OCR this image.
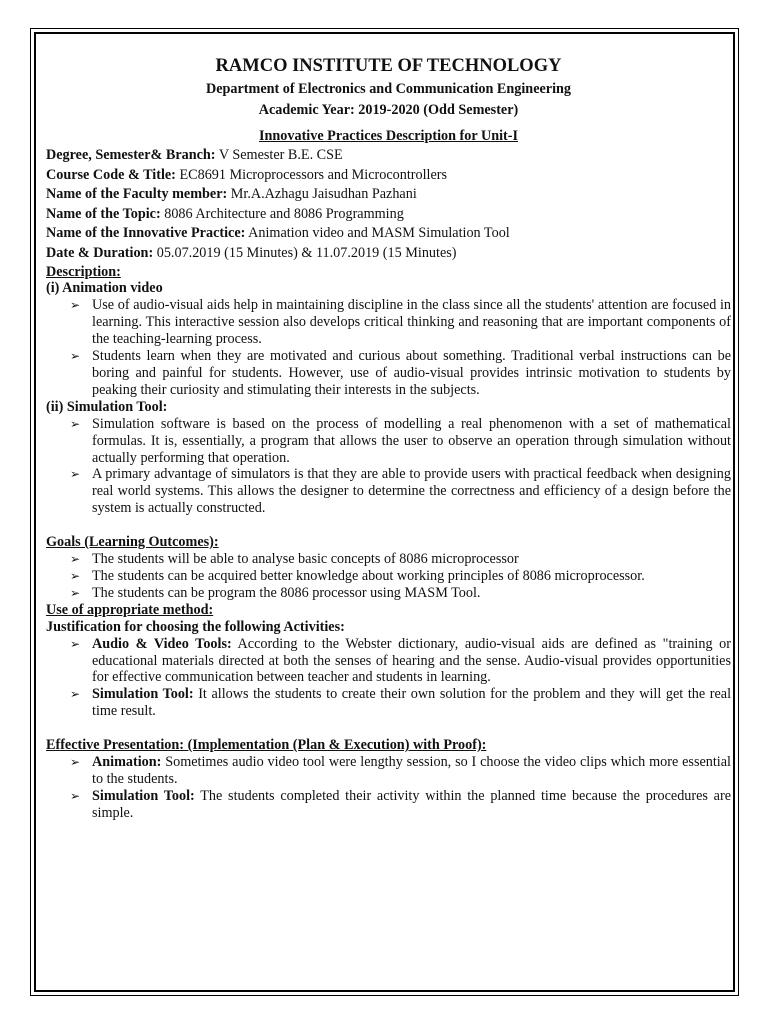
RAMCO INSTITUTE OF TECHNOLOGY
Department of Electronics and Communication Engineering
Academic Year: 2019-2020 (Odd Semester)
Innovative Practices Description for Unit-I
Degree, Semester& Branch: V Semester B.E. CSE
Course Code & Title: EC8691 Microprocessors and Microcontrollers
Name of the Faculty member: Mr.A.Azhagu Jaisudhan Pazhani
Name of the Topic: 8086 Architecture and 8086 Programming
Name of the Innovative Practice: Animation video and MASM Simulation Tool
Date & Duration: 05.07.2019 (15 Minutes) & 11.07.2019 (15 Minutes)
Description:
(i) Animation video
➢ Use of audio-visual aids help in maintaining discipline in the class since all the students' attention are focused in learning. This interactive session also develops critical thinking and reasoning that are important components of the teaching-learning process.
➢ Students learn when they are motivated and curious about something. Traditional verbal instructions can be boring and painful for students. However, use of audio-visual provides intrinsic motivation to students by peaking their curiosity and stimulating their interests in the subjects.
(ii) Simulation Tool:
➢ Simulation software is based on the process of modelling a real phenomenon with a set of mathematical formulas. It is, essentially, a program that allows the user to observe an operation through simulation without actually performing that operation.
➢ A primary advantage of simulators is that they are able to provide users with practical feedback when designing real world systems. This allows the designer to determine the correctness and efficiency of a design before the system is actually constructed.
Goals (Learning Outcomes):
➢ The students will be able to analyse basic concepts of 8086 microprocessor
➢ The students can be acquired better knowledge about working principles of 8086 microprocessor.
➢ The students can be program the 8086 processor using MASM Tool.
Use of appropriate method:
Justification for choosing the following Activities:
➢ Audio & Video Tools: According to the Webster dictionary, audio-visual aids are defined as "training or educational materials directed at both the senses of hearing and the sense. Audio-visual provides opportunities for effective communication between teacher and students in learning.
➢ Simulation Tool: It allows the students to create their own solution for the problem and they will get the real time result.
Effective Presentation: (Implementation (Plan & Execution) with Proof):
➢ Animation: Sometimes audio video tool were lengthy session, so I choose the video clips which more essential to the students.
➢ Simulation Tool: The students completed their activity within the planned time because the procedures are simple.
